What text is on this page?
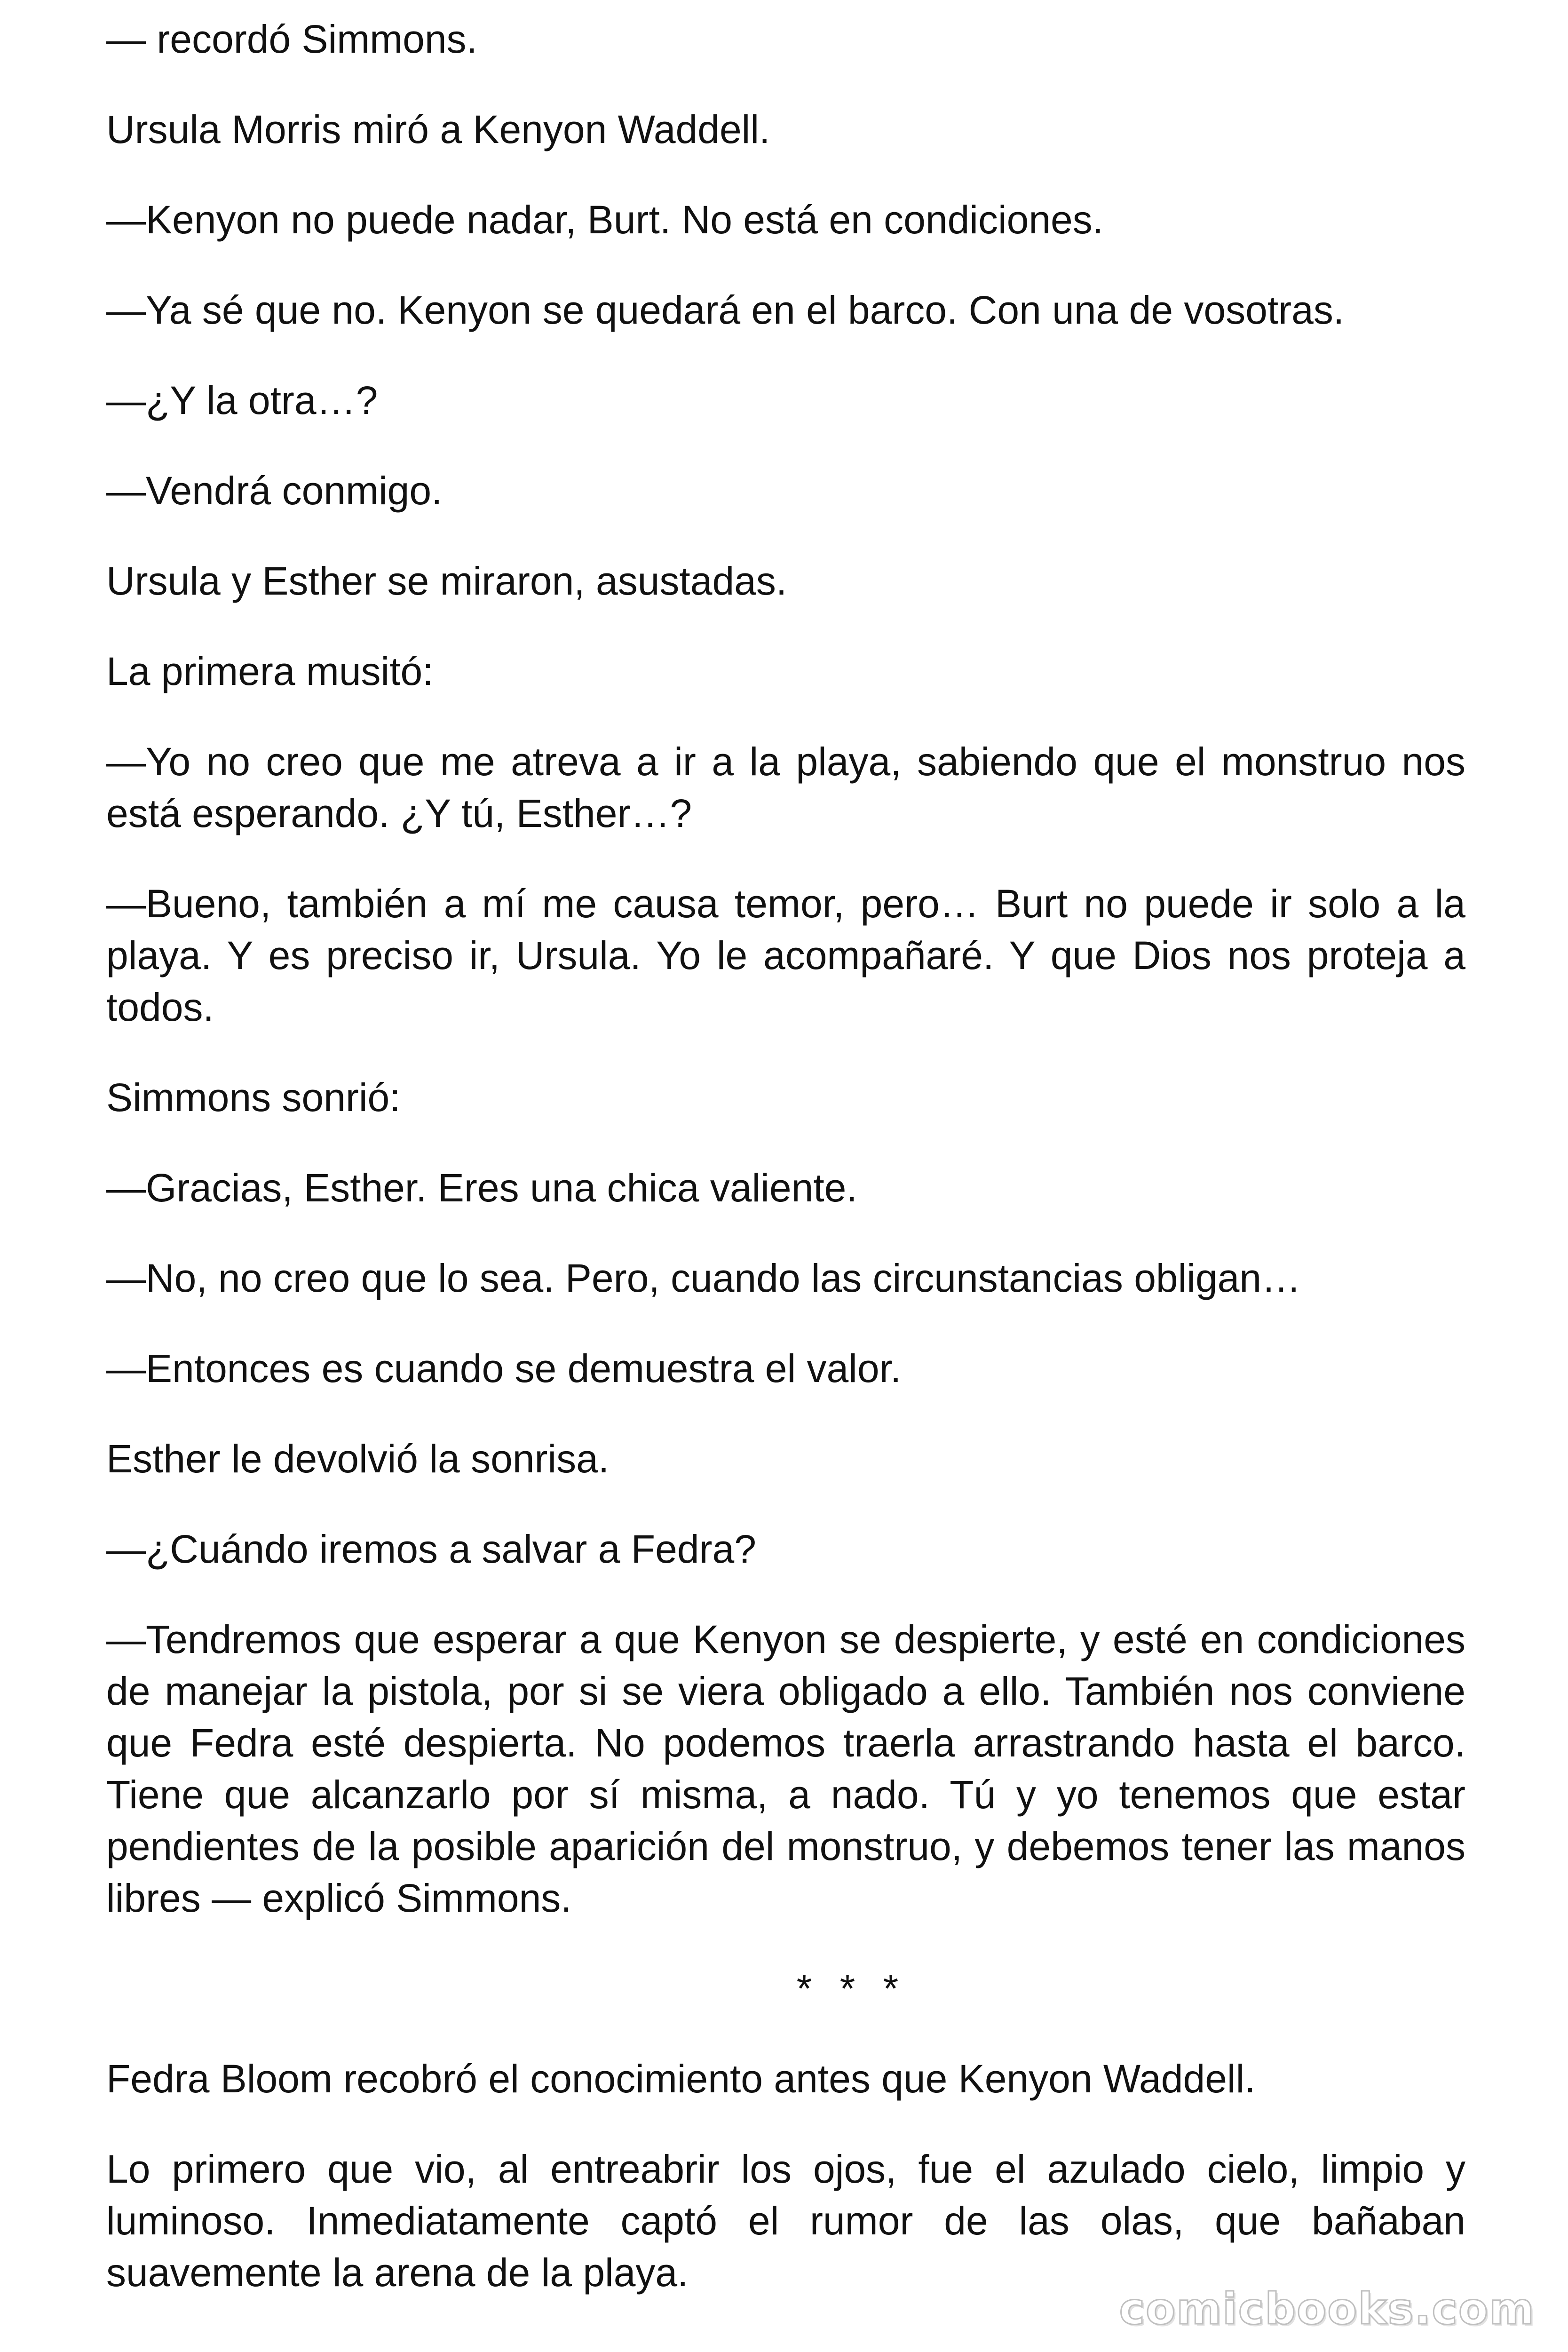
— recordó Simmons.

Ursula Morris miró a Kenyon Waddell.

—Kenyon no puede nadar, Burt. No está en condiciones.

—Ya sé que no. Kenyon se quedará en el barco. Con una de vosotras.

—¿Y la otra…?

—Vendrá conmigo.

Ursula y Esther se miraron, asustadas.

La primera musitó:

—Yo no creo que me atreva a ir a la playa, sabiendo que el monstruo nos está esperando. ¿Y tú, Esther…?

—Bueno, también a mí me causa temor, pero… Burt no puede ir solo a la playa. Y es preciso ir, Ursula. Yo le acompañaré. Y que Dios nos proteja a todos.

Simmons sonrió:

—Gracias, Esther. Eres una chica valiente.

—No, no creo que lo sea. Pero, cuando las circunstancias obligan…

—Entonces es cuando se demuestra el valor.

Esther le devolvió la sonrisa.

—¿Cuándo iremos a salvar a Fedra?

—Tendremos que esperar a que Kenyon se despierte, y esté en condiciones de manejar la pistola, por si se viera obligado a ello. También nos conviene que Fedra esté despierta. No podemos traerla arrastrando hasta el barco. Tiene que alcanzarlo por sí misma, a nado. Tú y yo tenemos que estar pendientes de la posible aparición del monstruo, y debemos tener las manos libres — explicó Simmons.

* * *

Fedra Bloom recobró el conocimiento antes que Kenyon Waddell.

Lo primero que vio, al entreabrir los ojos, fue el azulado cielo, limpio y luminoso. Inmediatamente captó el rumor de las olas, que bañaban suavemente la arena de la playa.

comicbooks.com
